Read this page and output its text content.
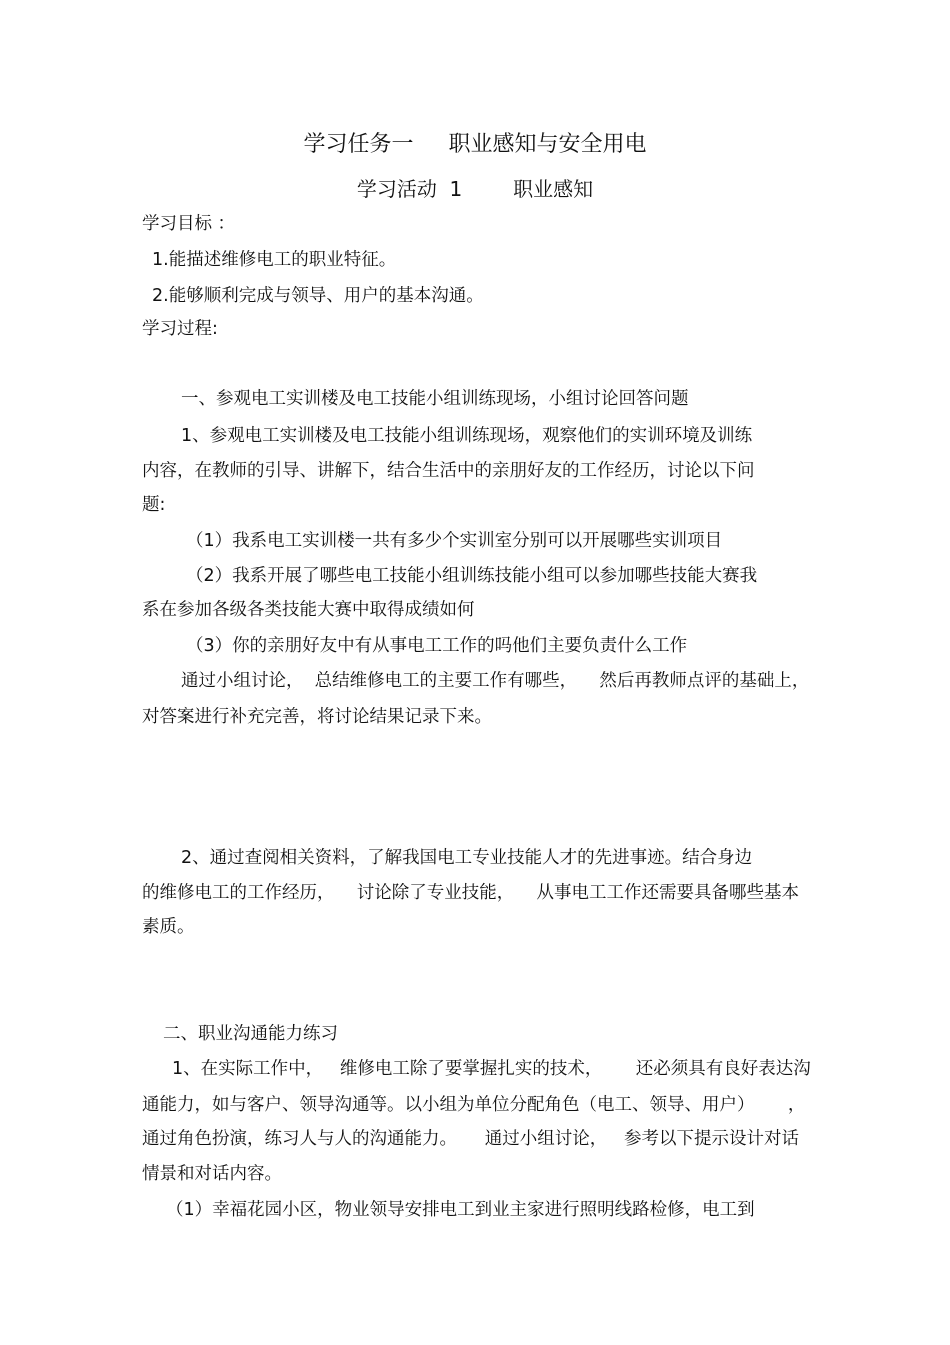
学习任务一     职业感知与安全用电
学习活动  1        职业感知
学习目标 ：
1.能描述维修电工的职业特征。
2.能够顺利完成与领导、用户的基本沟通。
学习过程:
一、参观电工实训楼及电工技能小组训练现场，小组讨论回答问题
1、参观电工实训楼及电工技能小组训练现场，观察他们的实训环境及训练
内容，在教师的引导、讲解下，结合生活中的亲朋好友的工作经历，讨论以下问
题:
（1）我系电工实训楼一共有多少个实训室分别可以开展哪些实训项目
（2）我系开展了哪些电工技能小组训练技能小组可以参加哪些技能大赛我
系在参加各级各类技能大赛中取得成绩如何
（3）你的亲朋好友中有从事电工工作的吗他们主要负责什么工作
通过小组讨论，  总结维修电工的主要工作有哪些，    然后再教师点评的基础上，
对答案进行补充完善，将讨论结果记录下来。
2、通过查阅相关资料，了解我国电工专业技能人才的先进事迹。结合身边
的维修电工的工作经历，    讨论除了专业技能，    从事电工工作还需要具备哪些基本
素质。
二、职业沟通能力练习
1、在实际工作中，   维修电工除了要掌握扎实的技术，      还必须具有良好表达沟
通能力，如与客户、领导沟通等。以小组为单位分配角色（电工、领导、用户）      ，
通过角色扮演，练习人与人的沟通能力。     通过小组讨论，   参考以下提示设计对话
情景和对话内容。
（1）幸福花园小区，物业领导安排电工到业主家进行照明线路检修，电工到
